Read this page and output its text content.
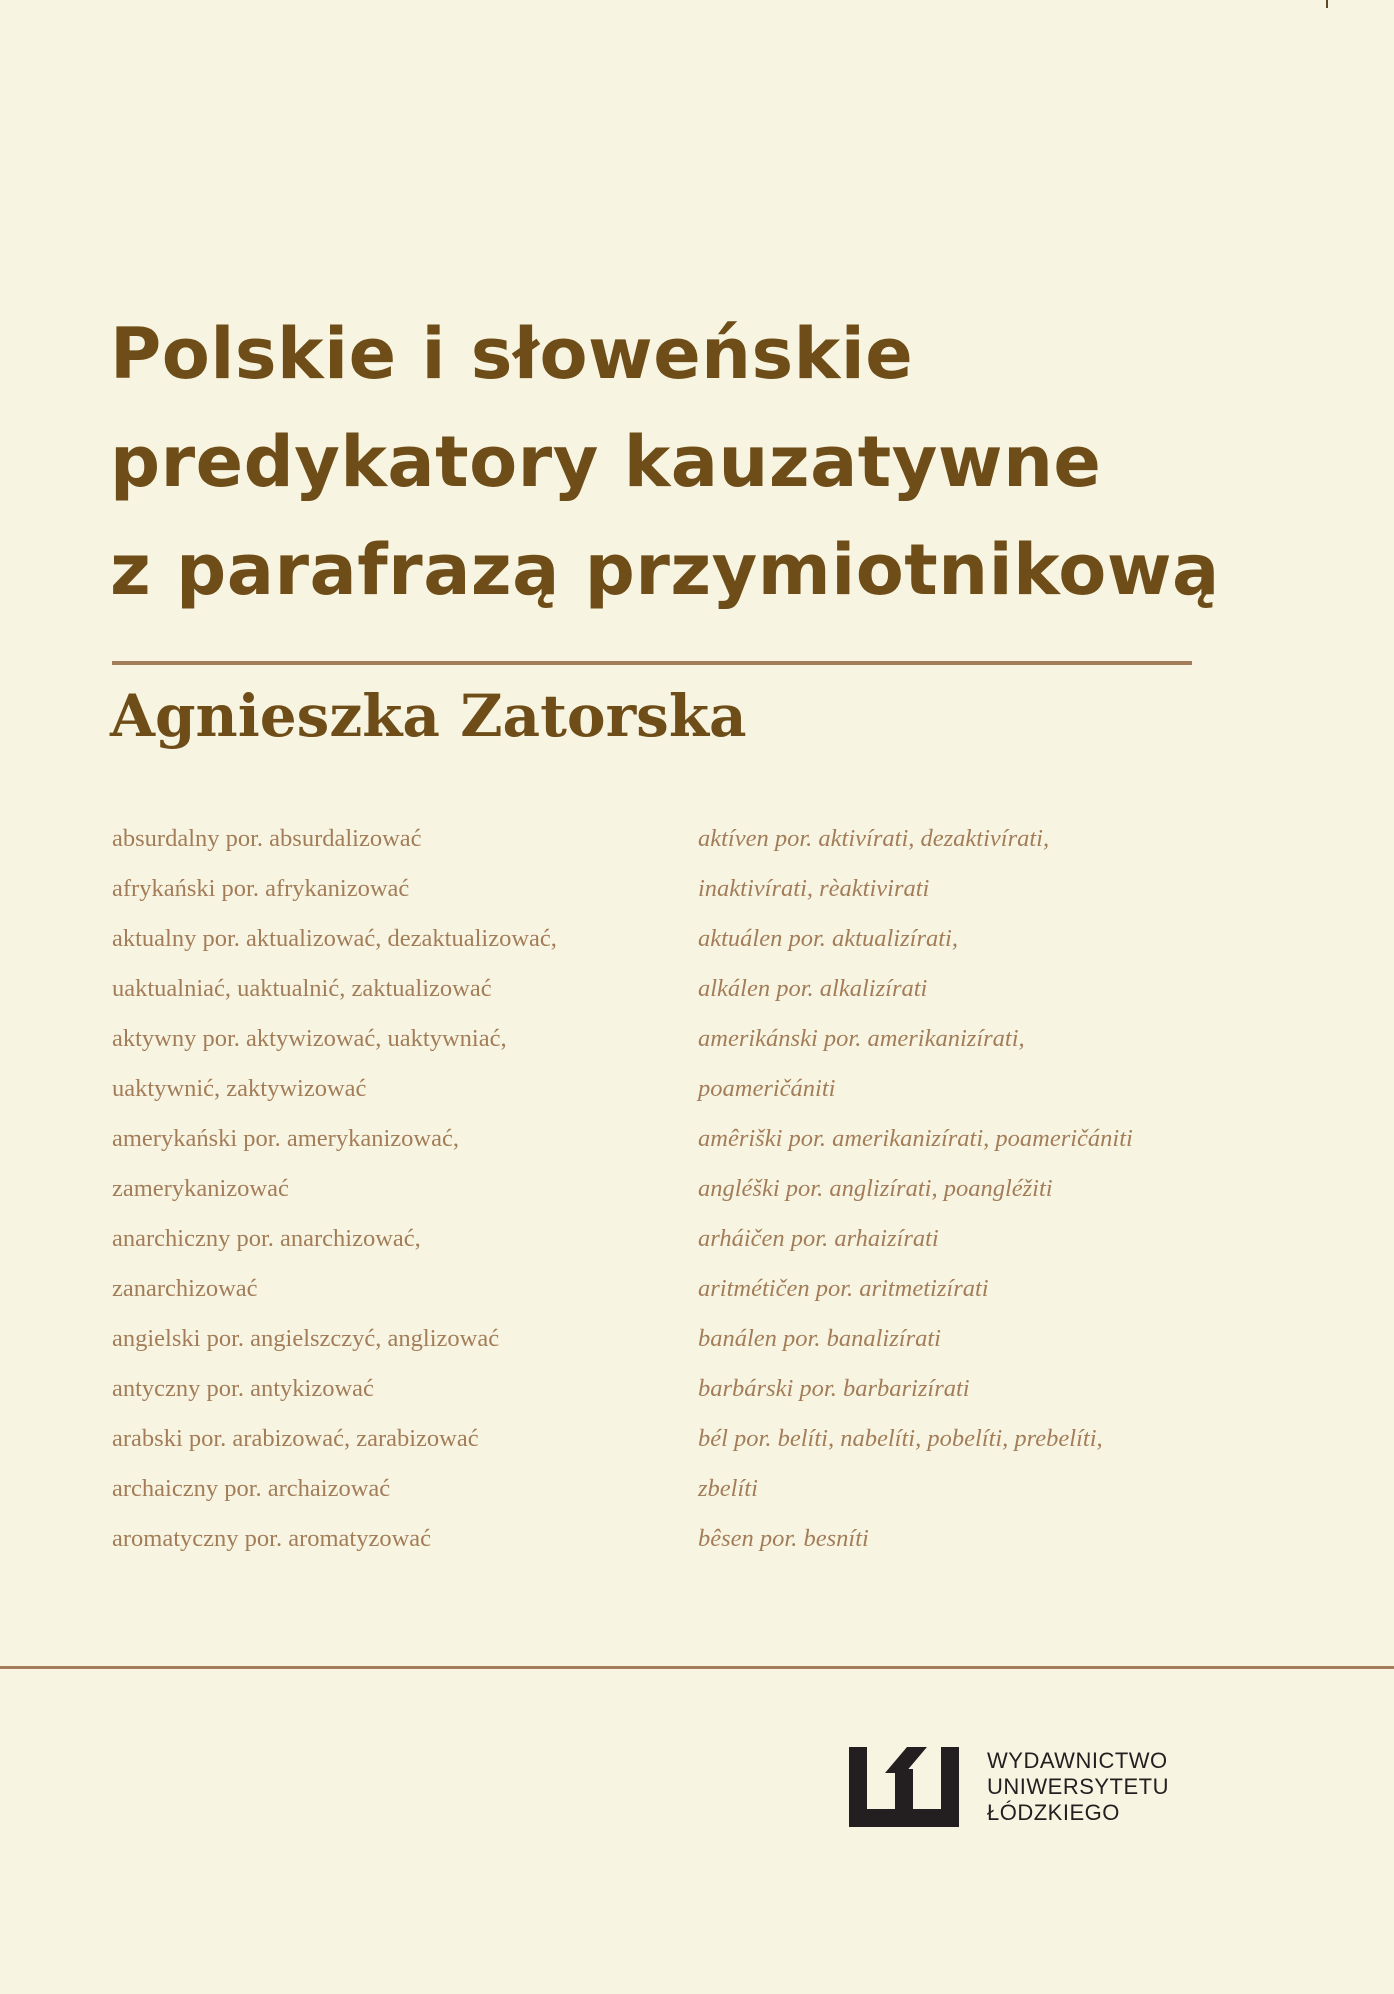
Polskie i słoweńskie
predykatory kauzatywne
z parafrazą przymiotnikową
Agnieszka Zatorska
absurdalny por. absurdalizować
afrykański por. afrykanizować
aktualny por. aktualizować, dezaktualizować,
uaktualniać, uaktualnić, zaktualizować
aktywny por. aktywizować, uaktywniać,
uaktywnić, zaktywizować
amerykański por. amerykanizować,
zamerykanizować
anarchiczny por. anarchizować,
zanarchizować
angielski por. angielszczyć, anglizować
antyczny por. antykizować
arabski por. arabizować, zarabizować
archaiczny por. archaizować
aromatyczny por. aromatyzować
aktíven por. aktivírati, dezaktivírati,
inaktivírati, rèaktivirati
aktuálen por. aktualizírati,
alkálen por. alkalizírati
amerikánski por. amerikanizírati,
poameričániti
amêriški por. amerikanizírati, poameričániti
angléški por. anglizírati, poangléžiti
arháičen por. arhaizírati
aritmétičen por. aritmetizírati
banálen por. banalizírati
barbárski por. barbarizírati
bél por. belíti, nabelíti, pobelíti, prebelíti,
zbelíti
bêsen por. besníti
WYDAWNICTWO
UNIWERSYTETU
ŁÓDZKIEGO
